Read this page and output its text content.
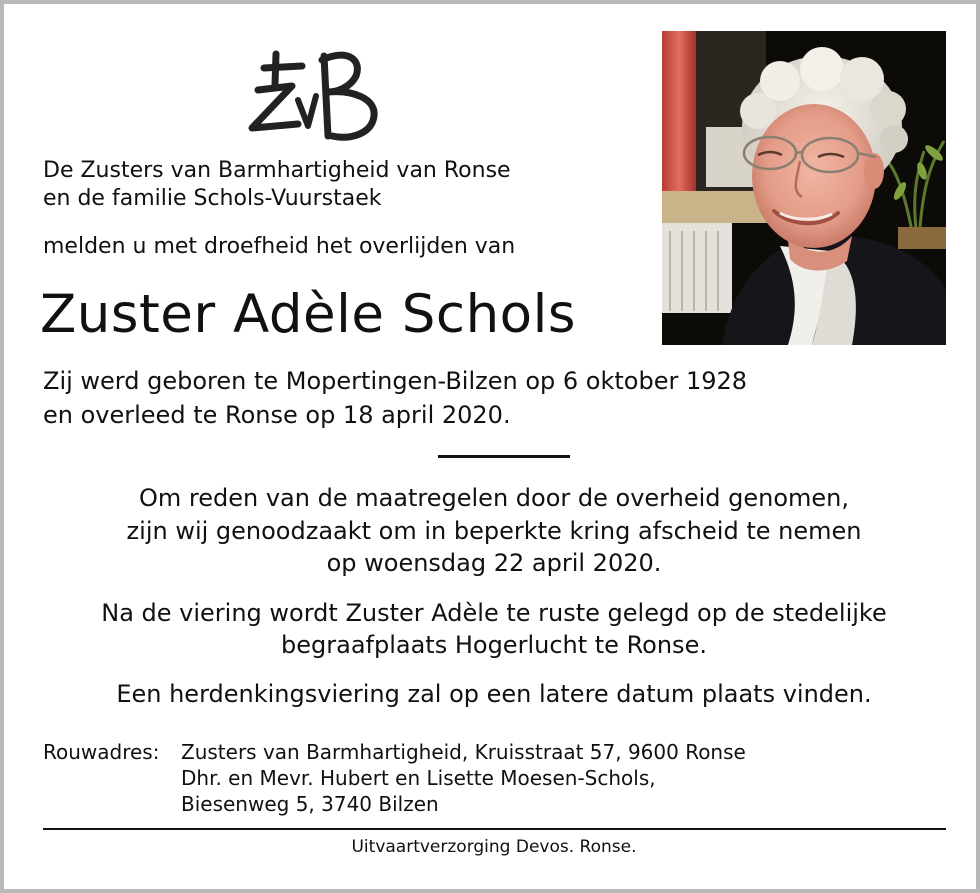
De Zusters van Barmhartigheid van Ronse
en de familie Schols-Vuurstaek
melden u met droefheid het overlijden van
Zuster Adèle Schols
Zij werd geboren te Mopertingen-Bilzen op 6 oktober 1928
en overleed te Ronse op 18 april 2020.
Om reden van de maatregelen door de overheid genomen,
zijn wij genoodzaakt om in beperkte kring afscheid te nemen
op woensdag 22 april 2020.
Na de viering wordt Zuster Adèle te ruste gelegd op de stedelijke
begraafplaats Hogerlucht te Ronse.
Een herdenkingsviering zal op een latere datum plaats vinden.
Rouwadres: Zusters van Barmhartigheid, Kruisstraat 57, 9600 Ronse
Dhr. en Mevr. Hubert en Lisette Moesen-Schols,
Biesenweg 5, 3740 Bilzen
Uitvaartverzorging Devos. Ronse.
